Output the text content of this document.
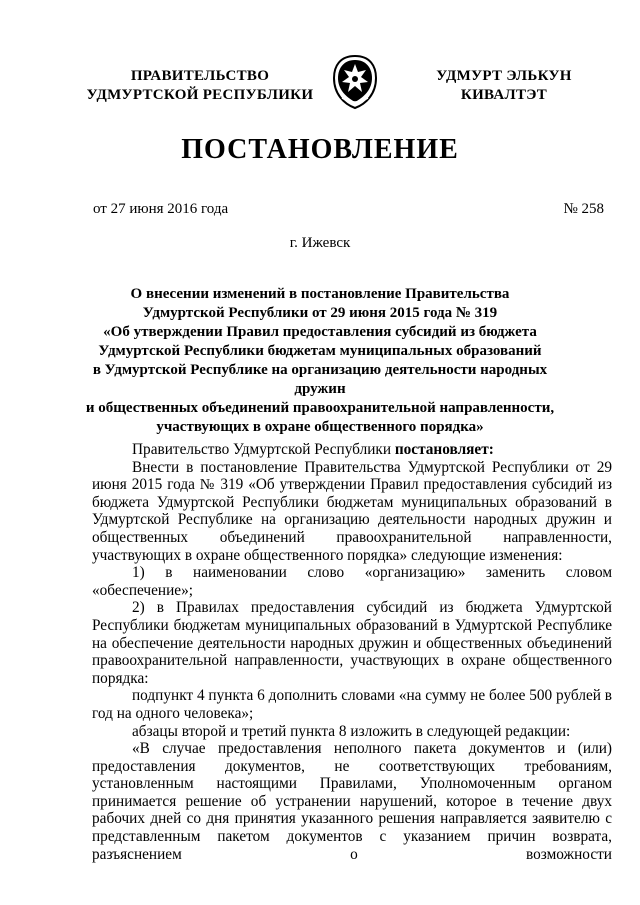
ПРАВИТЕЛЬСТВО
УДМУРТСКОЙ РЕСПУБЛИКИ
УДМУРТ ЭЛЬКУН
КИВАЛТЭТ
ПОСТАНОВЛЕНИЕ
от 27 июня 2016 года	№ 258
г. Ижевск
О внесении изменений в постановление Правительства
Удмуртской Республики от 29 июня 2015 года № 319
«Об утверждении Правил предоставления субсидий из бюджета
Удмуртской Республики бюджетам муниципальных образований
в Удмуртской Республике на организацию деятельности народных дружин
и общественных объединений правоохранительной направленности,
участвующих в охране общественного порядка»

Правительство Удмуртской Республики постановляет:

Внести в постановление Правительства Удмуртской Республики от 29 июня 2015 года № 319 «Об утверждении Правил предоставления субсидий из бюджета Удмуртской Республики бюджетам муниципальных образований в Удмуртской Республике на организацию деятельности народных дружин и общественных объединений правоохранительной направленности, участвующих в охране общественного порядка» следующие изменения:

1) в наименовании слово «организацию» заменить словом «обеспечение»;

2) в Правилах предоставления субсидий из бюджета Удмуртской Республики бюджетам муниципальных образований в Удмуртской Республике на обеспечение деятельности народных дружин и общественных объединений правоохранительной направленности, участвующих в охране общественного порядка:

подпункт 4 пункта 6 дополнить словами «на сумму не более 500 рублей в год на одного человека»;

абзацы второй и третий пункта 8 изложить в следующей редакции:

«В случае предоставления неполного пакета документов и (или) предоставления документов, не соответствующих требованиям, установленным настоящими Правилами, Уполномоченным органом принимается решение об устранении нарушений, которое в течение двух рабочих дней со дня принятия указанного решения направляется заявителю с представленным пакетом документов с указанием причин возврата, разъяснением о возможности
